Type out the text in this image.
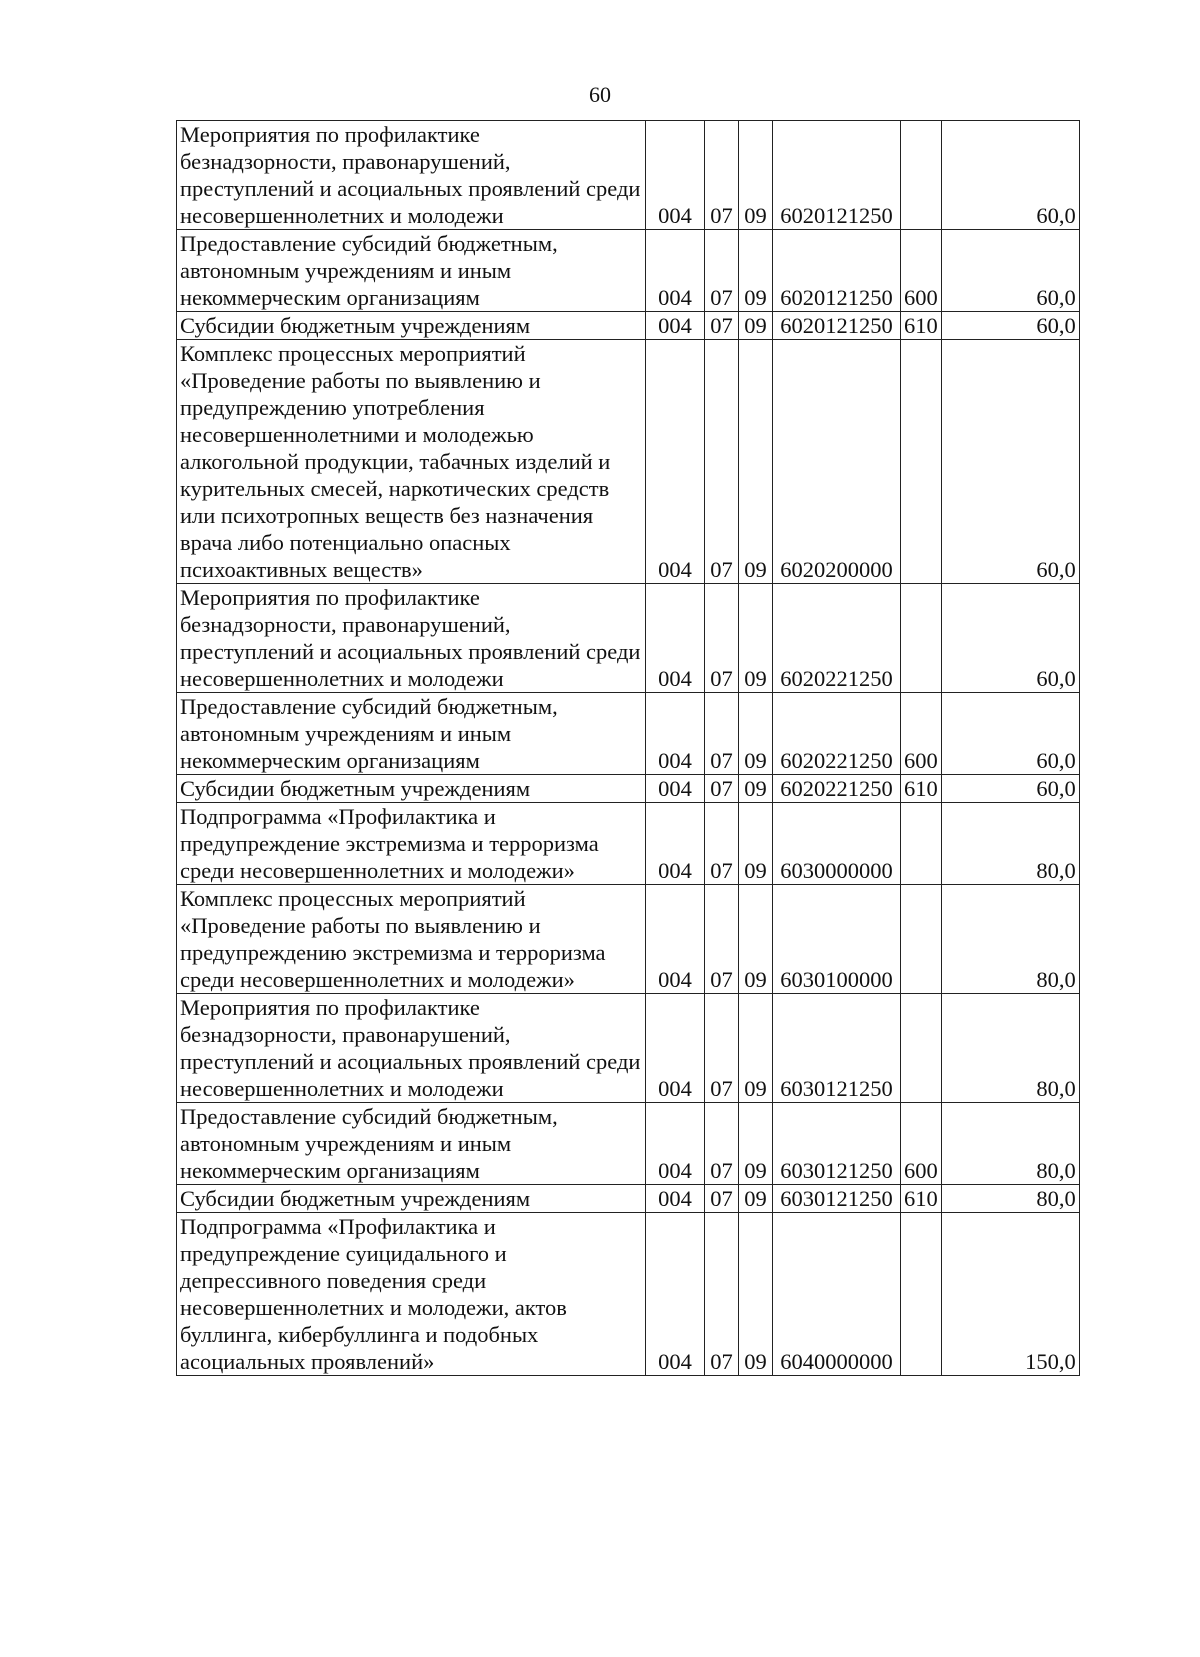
60
Мероприятия по профилактике безнадзорности, правонарушений, преступлений и асоциальных проявлений среди несовершеннолетних и молодежи	004	07	09	6020121250		60,0
Предоставление субсидий бюджетным, автономным учреждениям и иным некоммерческим организациям	004	07	09	6020121250	600	60,0
Субсидии бюджетным учреждениям	004	07	09	6020121250	610	60,0
Комплекс процессных мероприятий «Проведение работы по выявлению и предупреждению употребления несовершеннолетними и молодежью алкогольной продукции, табачных изделий и курительных смесей, наркотических средств или психотропных веществ без назначения врача либо потенциально опасных психоактивных веществ»	004	07	09	6020200000		60,0
Мероприятия по профилактике безнадзорности, правонарушений, преступлений и асоциальных проявлений среди несовершеннолетних и молодежи	004	07	09	6020221250		60,0
Предоставление субсидий бюджетным, автономным учреждениям и иным некоммерческим организациям	004	07	09	6020221250	600	60,0
Субсидии бюджетным учреждениям	004	07	09	6020221250	610	60,0
Подпрограмма «Профилактика и предупреждение экстремизма и терроризма среди несовершеннолетних и молодежи»	004	07	09	6030000000		80,0
Комплекс процессных мероприятий «Проведение работы по выявлению и предупреждению экстремизма и терроризма среди несовершеннолетних и молодежи»	004	07	09	6030100000		80,0
Мероприятия по профилактике безнадзорности, правонарушений, преступлений и асоциальных проявлений среди несовершеннолетних и молодежи	004	07	09	6030121250		80,0
Предоставление субсидий бюджетным, автономным учреждениям и иным некоммерческим организациям	004	07	09	6030121250	600	80,0
Субсидии бюджетным учреждениям	004	07	09	6030121250	610	80,0
Подпрограмма «Профилактика и предупреждение суицидального и депрессивного поведения среди несовершеннолетних и молодежи, актов буллинга, кибербуллинга и подобных асоциальных проявлений»	004	07	09	6040000000		150,0
